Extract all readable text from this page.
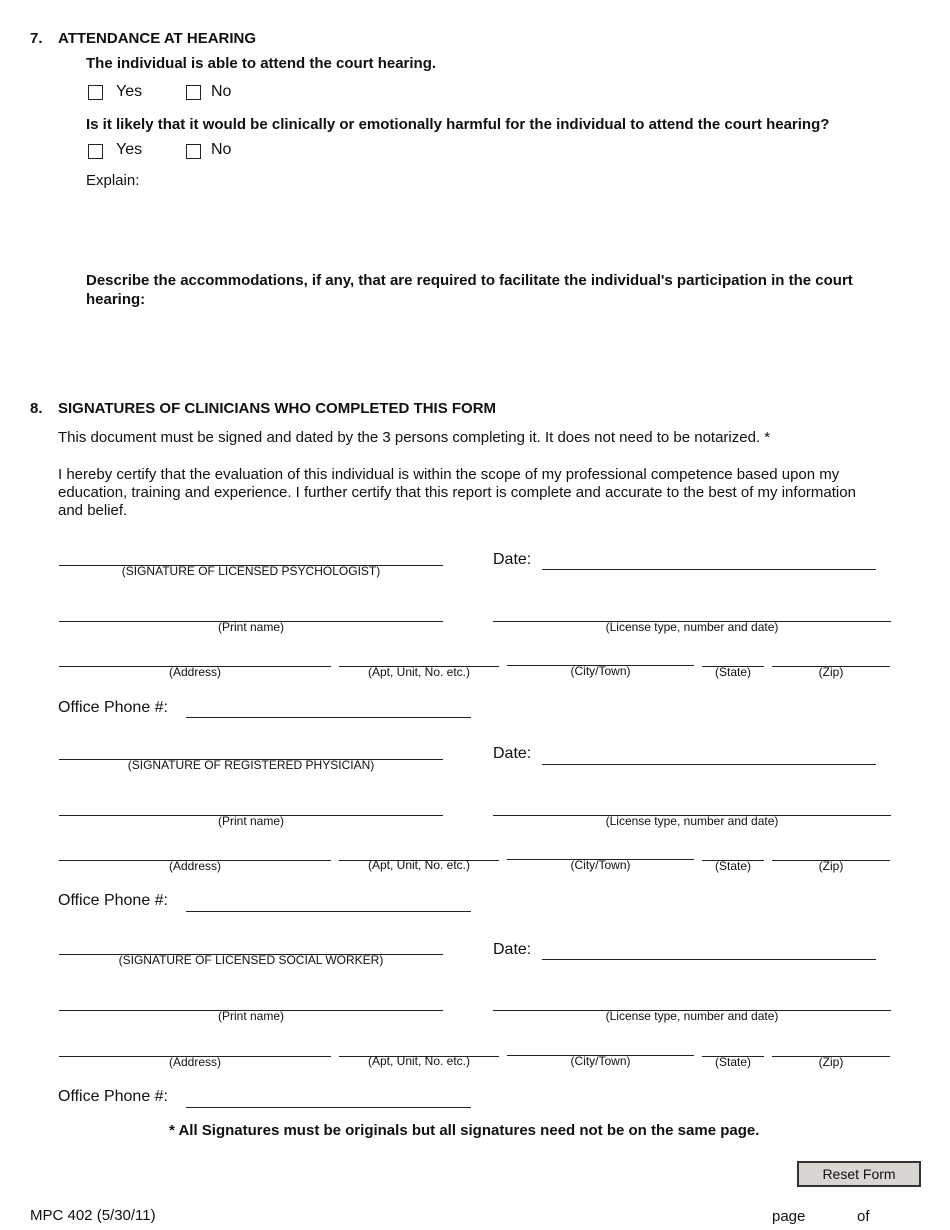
7. ATTENDANCE AT HEARING
The individual is able to attend the court hearing.
Yes	No
Is it likely that it would be clinically or emotionally harmful for the individual to attend the court hearing?
Yes	No
Explain:
Describe the accommodations, if any, that are required to facilitate the individual's participation in the court
hearing:
8. SIGNATURES OF CLINICIANS WHO COMPLETED THIS FORM
This document must be signed and dated by the 3 persons completing it. It does not need to be notarized. *
I hereby certify that the evaluation of this individual is within the scope of my professional competence based upon my
education, training and experience. I further certify that this report is complete and accurate to the best of my information
and belief.
(SIGNATURE OF LICENSED PSYCHOLOGIST)
Date:
(Print name)	(License type, number and date)
(Address)	(Apt, Unit, No. etc.)	(City/Town)	(State)	(Zip)
Office Phone #:
(SIGNATURE OF REGISTERED PHYSICIAN)
Date:
(Print name)	(License type, number and date)
(Address)	(Apt, Unit, No. etc.)	(City/Town)	(State)	(Zip)
Office Phone #:
(SIGNATURE OF LICENSED SOCIAL WORKER)
Date:
(Print name)	(License type, number and date)
(Address)	(Apt, Unit, No. etc.)	(City/Town)	(State)	(Zip)
Office Phone #:
* All Signatures must be originals but all signatures need not be on the same page.
Reset Form
MPC 402 (5/30/11)	page	of
